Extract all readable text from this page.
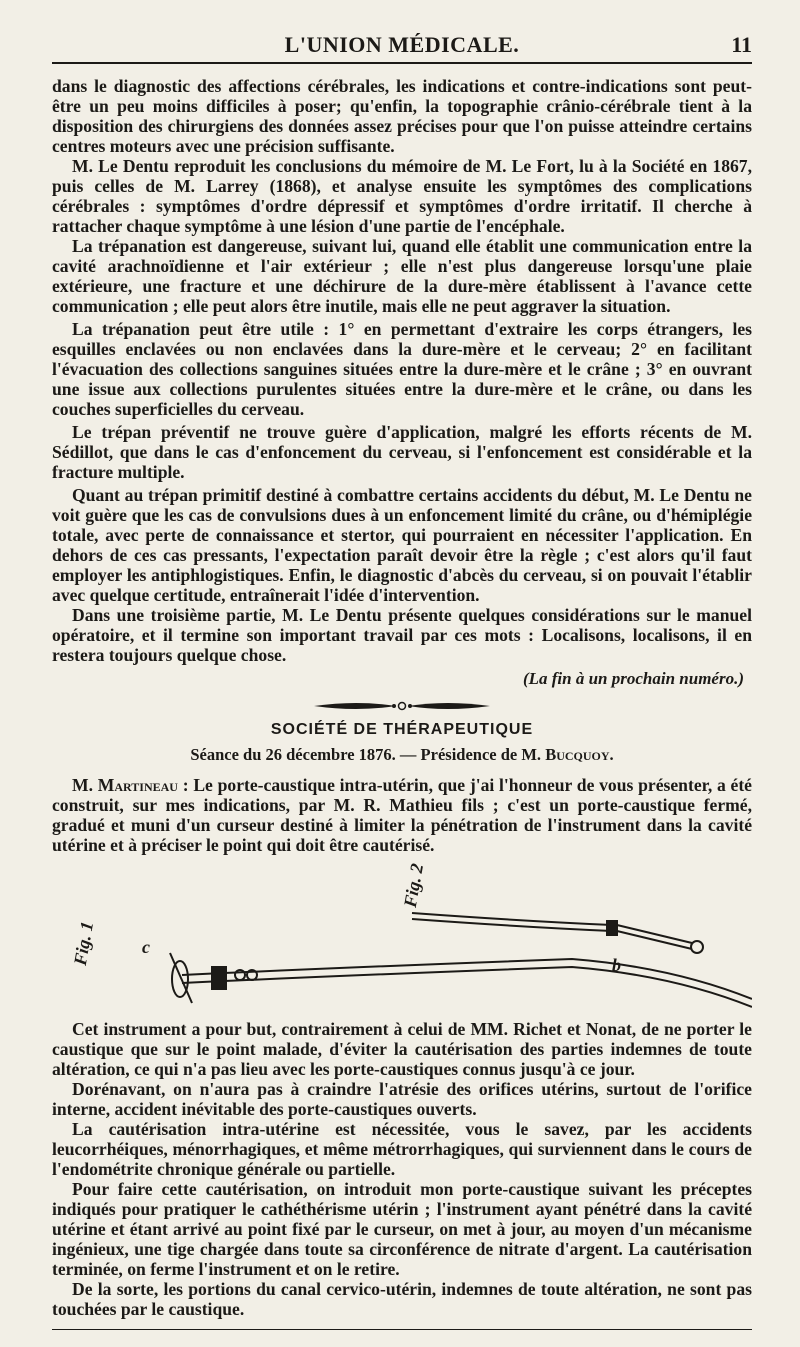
L'UNION MÉDICALE.	11

dans le diagnostic des affections cérébrales, les indications et contre-indications sont peut-être un peu moins difficiles à poser; qu'enfin, la topographie crânio-cérébrale tient à la disposition des chirurgiens des données assez précises pour que l'on puisse atteindre certains centres moteurs avec une précision suffisante.

M. Le Dentu reproduit les conclusions du mémoire de M. Le Fort, lu à la Société en 1867, puis celles de M. Larrey (1868), et analyse ensuite les symptômes des complications cérébrales : symptômes d'ordre dépressif et symptômes d'ordre irritatif. Il cherche à rattacher chaque symptôme à une lésion d'une partie de l'encéphale.

La trépanation est dangereuse, suivant lui, quand elle établit une communication entre la cavité arachnoïdienne et l'air extérieur ; elle n'est plus dangereuse lorsqu'une plaie extérieure, une fracture et une déchirure de la dure-mère établissent à l'avance cette communication ; elle peut alors être inutile, mais elle ne peut aggraver la situation.

La trépanation peut être utile : 1° en permettant d'extraire les corps étrangers, les esquilles enclavées ou non enclavées dans la dure-mère et le cerveau; 2° en facilitant l'évacuation des collections sanguines situées entre la dure-mère et le crâne ; 3° en ouvrant une issue aux collections purulentes situées entre la dure-mère et le crâne, ou dans les couches superficielles du cerveau.

Le trépan préventif ne trouve guère d'application, malgré les efforts récents de M. Sédillot, que dans le cas d'enfoncement du cerveau, si l'enfoncement est considérable et la fracture multiple.

Quant au trépan primitif destiné à combattre certains accidents du début, M. Le Dentu ne voit guère que les cas de convulsions dues à un enfoncement limité du crâne, ou d'hémiplégie totale, avec perte de connaissance et stertor, qui pourraient en nécessiter l'application. En dehors de ces cas pressants, l'expectation paraît devoir être la règle ; c'est alors qu'il faut employer les antiphlogistiques. Enfin, le diagnostic d'abcès du cerveau, si on pouvait l'établir avec quelque certitude, entraînerait l'idée d'intervention.

Dans une troisième partie, M. Le Dentu présente quelques considérations sur le manuel opératoire, et il termine son important travail par ces mots : Localisons, localisons, il en restera toujours quelque chose.

(La fin à un prochain numéro.)
SOCIÉTÉ DE THÉRAPEUTIQUE
Séance du 26 décembre 1876. — Présidence de M. Bucquoy.

M. Martineau : Le porte-caustique intra-utérin, que j'ai l'honneur de vous présenter, a été construit, sur mes indications, par M. R. Mathieu fils ; c'est un porte-caustique fermé, gradué et muni d'un curseur destiné à limiter la pénétration de l'instrument dans la cavité utérine et à préciser le point qui doit être cautérisé.

Fig. 1
Fig. 2
b
c

Cet instrument a pour but, contrairement à celui de MM. Richet et Nonat, de ne porter le caustique que sur le point malade, d'éviter la cautérisation des parties indemnes de toute altération, ce qui n'a pas lieu avec les porte-caustiques connus jusqu'à ce jour.

Dorénavant, on n'aura pas à craindre l'atrésie des orifices utérins, surtout de l'orifice interne, accident inévitable des porte-caustiques ouverts.

La cautérisation intra-utérine est nécessitée, vous le savez, par les accidents leucorrhéiques, ménorrhagiques, et même métrorrhagiques, qui surviennent dans le cours de l'endométrite chronique générale ou partielle.

Pour faire cette cautérisation, on introduit mon porte-caustique suivant les préceptes indiqués pour pratiquer le cathéthérisme utérin ; l'instrument ayant pénétré dans la cavité utérine et étant arrivé au point fixé par le curseur, on met à jour, au moyen d'un mécanisme ingénieux, une tige chargée dans toute sa circonférence de nitrate d'argent. La cautérisation terminée, on ferme l'instrument et on le retire.

De la sorte, les portions du canal cervico-utérin, indemnes de toute altération, ne sont pas touchées par le caustique.
